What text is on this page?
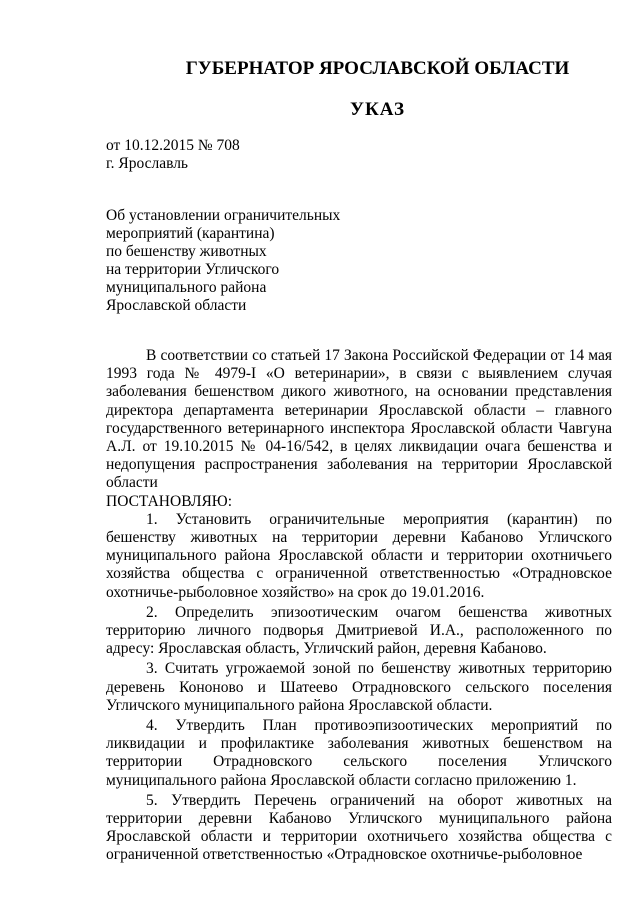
ГУБЕРНАТОР ЯРОСЛАВСКОЙ ОБЛАСТИ
УКАЗ
от 10.12.2015 № 708
г. Ярославль
Об установлении ограничительных
мероприятий (карантина)
по бешенству животных
на территории Угличского
муниципального района
Ярославской области

В соответствии со статьей 17 Закона Российской Федерации от 14 мая 1993 года № 4979-I «О ветеринарии», в связи с выявлением случая заболевания бешенством дикого животного, на основании представления директора департамента ветеринарии Ярославской области – главного государственного ветеринарного инспектора Ярославской области Чавгуна А.Л. от 19.10.2015 № 04-16/542, в целях ликвидации очага бешенства и недопущения распространения заболевания на территории Ярославской области

ПОСТАНОВЛЯЮ:

1. Установить ограничительные мероприятия (карантин) по бешенству животных на территории деревни Кабаново Угличского муниципального района Ярославской области и территории охотничьего хозяйства общества с ограниченной ответственностью «Отрадновское охотничье-рыболовное хозяйство» на срок до 19.01.2016.

2. Определить эпизоотическим очагом бешенства животных территорию личного подворья Дмитриевой И.А., расположенного по адресу: Ярославская область, Угличский район, деревня Кабаново.

3. Считать угрожаемой зоной по бешенству животных территорию деревень Кононово и Шатеево Отрадновского сельского поселения Угличского муниципального района Ярославской области.

4. Утвердить План противоэпизоотических мероприятий по ликвидации и профилактике заболевания животных бешенством на территории Отрадновского сельского поселения Угличского муниципального района Ярославской области согласно приложению 1.

5. Утвердить Перечень ограничений на оборот животных на территории деревни Кабаново Угличского муниципального района Ярославской области и территории охотничьего хозяйства общества с ограниченной ответственностью «Отрадновское охотничье-рыболовное
